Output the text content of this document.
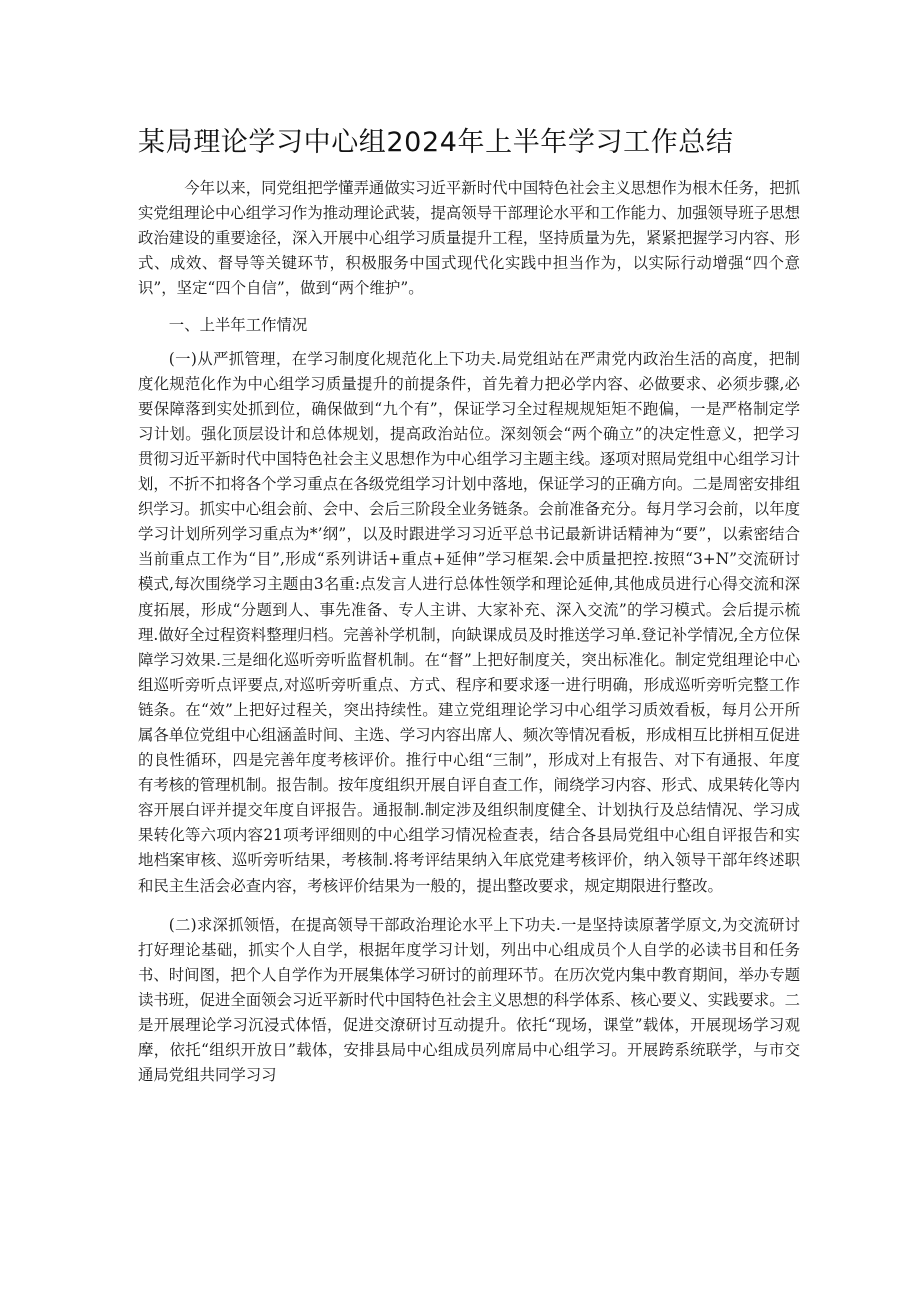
某局理论学习中心组2024年上半年学习工作总结

今年以来，同党组把学懂弄通做实习近平新时代中国特色社会主义思想作为根木任务，把抓实党组理论中心组学习作为推动理论武装，提高领导干部理论水平和工作能力、加强领导班子思想政治建设的重要途径，深入开展中心组学习质量提升工程，坚持质量为先，紧紧把握学习内容、形式、成效、督导等关键环节，积极服务中国式现代化实践中担当作为，以实际行动增强“四个意识”，坚定“四个自信”，做到“两个维护”。

一、上半年工作情况

(一)从严抓管理，在学习制度化规范化上下功夫.局党组站在严肃党内政治生活的高度，把制度化规范化作为中心组学习质量提升的前提条件，首先着力把必学内容、必做要求、必须步骤,必要保障落到实处抓到位，确保做到“九个有”，保证学习全过程规规矩矩不跑偏，一是严格制定学习计划。强化顶层设计和总体规划，提高政治站位。深刻领会“两个确立”的决定性意义，把学习贯彻习近平新时代中国特色社会主义思想作为中心组学习主题主线。逐项对照局党组中心组学习计划，不折不扣将各个学习重点在各级党组学习计划中落地，保证学习的正确方向。二是周密安排组织学习。抓实中心组会前、会中、会后三阶段全业务链条。会前准备充分。每月学习会前，以年度学习计划所列学习重点为*’纲”，以及时跟进学习习近平总书记最新讲话精神为“要”，以索密结合当前重点工作为“目”,形成“系列讲话+重点+延伸”学习框架.会中质量把控.按照“3+N”交流研讨模式,每次围绕学习主题由3名重:点发言人进行总体性领学和理论延伸,其他成员进行心得交流和深度拓展，形成“分题到人、事先准备、专人主讲、大家补充、深入交流”的学习模式。会后提示梳理.做好全过程资料整理归档。完善补学机制，向缺课成员及时推送学习单.登记补学情况,全方位保障学习效果.三是细化巡听旁听监督机制。在“督”上把好制度关，突出标准化。制定党组理论中心组巡听旁听点评要点,对巡听旁听重点、方式、程序和要求逐一进行明确，形成巡听旁听完整工作链条。在“效”上把好过程关，突出持续性。建立党组理论学习中心组学习质效看板，每月公开所属各单位党组中心组涵盖时间、主选、学习内容出席人、频次等情况看板，形成相互比拼相互促进的良性循环，四是完善年度考核评价。推行中心组“三制”，形成对上有报告、对下有通报、年度有考核的管理机制。报告制。按年度组织开展自评自查工作，闹绕学习内容、形式、成果转化等内容开展白评并提交年度自评报告。通报制.制定涉及组织制度健全、计划执行及总结情况、学习成果转化等六项内容21项考评细则的中心组学习情况检查表，结合各县局党组中心组自评报告和实地档案审核、巡听旁听结果，考核制.将考评结果纳入年底党建考核评价，纳入领导干部年终述职和民主生活会必查内容，考核评价结果为一般的，提出整改要求，规定期限进行整改。

(二)求深抓领悟，在提高领导干部政治理论水平上下功夫.一是坚持读原著学原文,为交流研讨打好理论基础，抓实个人自学，根据年度学习计划，列出中心组成员个人自学的必读书目和任务书、时间图，把个人自学作为开展集体学习研讨的前理环节。在历次党内集中教育期间，举办专题读书班，促进全面领会习近平新时代中国特色社会主义思想的科学体系、核心要义、实践要求。二是开展理论学习沉浸式体悟，促进交潦研讨互动提升。依托“现场，课堂”载体，开展现场学习观摩，依托“组织开放日”载体，安排县局中心组成员列席局中心组学习。开展跨系统联学，与市交通局党组共同学习习
